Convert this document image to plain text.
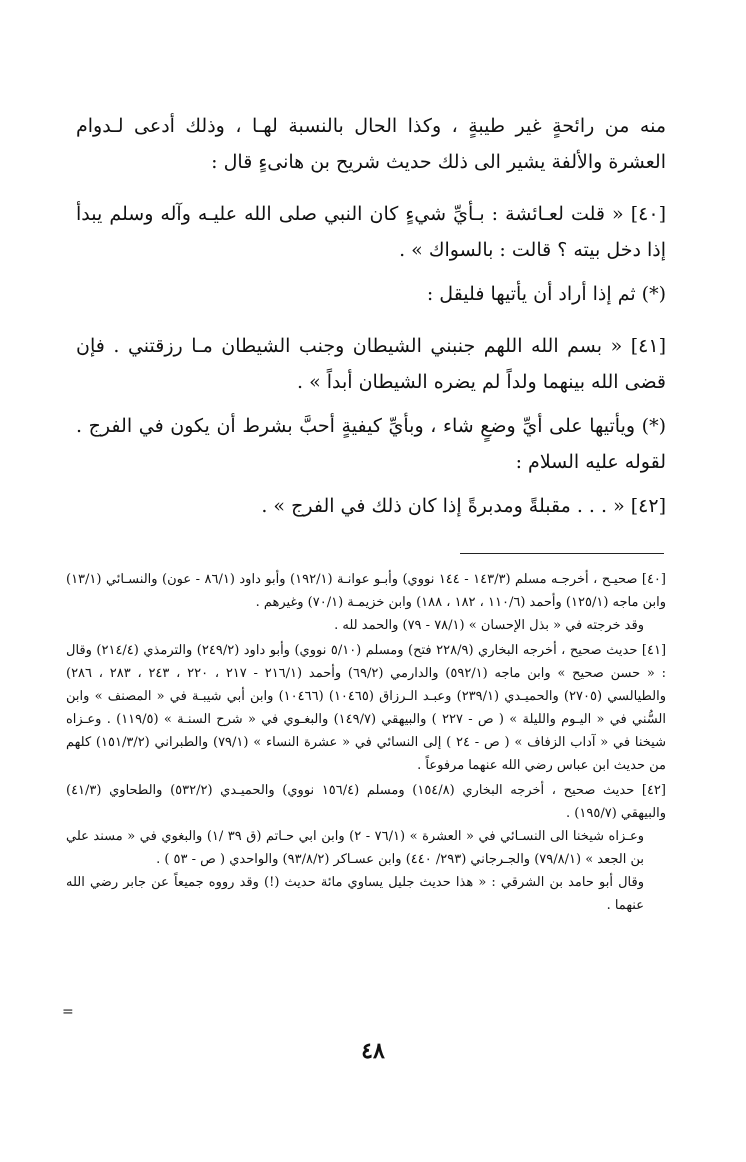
منه من رائحةٍ غير طيبةٍ ، وكذا الحال بالنسبة لهـا ، وذلك أدعى لـدوام العشرة والألفة يشير الى ذلك حديث شريح بن هانىءٍ قال :

[٤٠] « قلت لعـائشة : بـأيِّ شيءٍ كان النبي صلى الله عليـه وآله وسلم يبدأ إذا دخل بيته ؟ قالت : بالسواك » .

(*) ثم إذا أراد أن يأتيها فليقل :

[٤١] « بسم الله اللهم جنبني الشيطان وجنب الشيطان مـا رزقتني . فإن قضى الله بينهما ولداً لم يضره الشيطان أبداً » .

(*) ويأتيها على أيِّ وضعٍ شاء ، وبأيِّ كيفيةٍ أحبَّ بشرط أن يكون في الفرج . لقوله عليه السلام :

[٤٢] « . . . مقبلةً ومدبرةً إذا كان ذلك في الفرج » .

[٤٠] صحيـح ، أخرجـه مسلم (١٤٣/٣ - ١٤٤ نووي) وأبـو عوانـة (١٩٢/١) وأبو داود (٨٦/١ - عون) والنسـائي (١٣/١) وابن ماجه (١٢٥/١) وأحمد (١١٠/٦ ، ١٨٢ ، ١٨٨) وابن خزيمـة (٧٠/١) وغيرهم .

وقد خرجته في « بذل الإحسان » (٧٨/١ - ٧٩) والحمد لله .

[٤١] حديث صحيح ، أخرجه البخاري (٢٢٨/٩ فتح) ومسلم (٥/١٠ نووي) وأبو داود (٢٤٩/٢) والترمذي (٢١٤/٤) وقال : « حسن صحيح » وابن ماجه (٥٩٢/١) والدارمي (٦٩/٢) وأحمد (٢١٦/١ - ٢١٧ ، ٢٢٠ ، ٢٤٣ ، ٢٨٣ ، ٢٨٦) والطيالسي (٢٧٠٥) والحميـدي (٢٣٩/١) وعبـد الـرزاق (١٠٤٦٥) (١٠٤٦٦) وابن أبي شيبـة في « المصنف » وابن السُّني في « اليـوم والليلة » ( ص - ٢٢٧ ) والبيهقي (١٤٩/٧) والبغـوي في « شرح السنـة » (١١٩/٥) . وعـزاه شيخنا في « آداب الزفاف » ( ص - ٢٤ ) إلى النسائي في « عشرة النساء » (٧٩/١) والطبراني (١٥١/٣/٢) كلهم من حديث ابن عباس رضي الله عنهما مرفوعاً .

[٤٢] حديث صحيح ، أخرجه البخاري (١٥٤/٨) ومسلم (١٥٦/٤ نووي) والحميـدي (٥٣٢/٢) والطحاوي (٤١/٣) والبيهقي (١٩٥/٧) .

وعـزاه شيخنا الى النسـائي في « العشرة » (٧٦/١ - ٢) وابن ابي حـاتم (ق ٣٩ /١) والبغوي في « مسند علي بن الجعد » (٧٩/٨/١) والجـرجاني (٢٩٣/ ٤٤٠) وابن عسـاكر (٩٣/٨/٢) والواحدي ( ص - ٥٣ ) .

وقال أبو حامد بن الشرقي : « هذا حديث جليل يساوي مائة حديث (!) وقد رووه جميعاً عن جابر رضي الله عنهما .

=
٤٨
